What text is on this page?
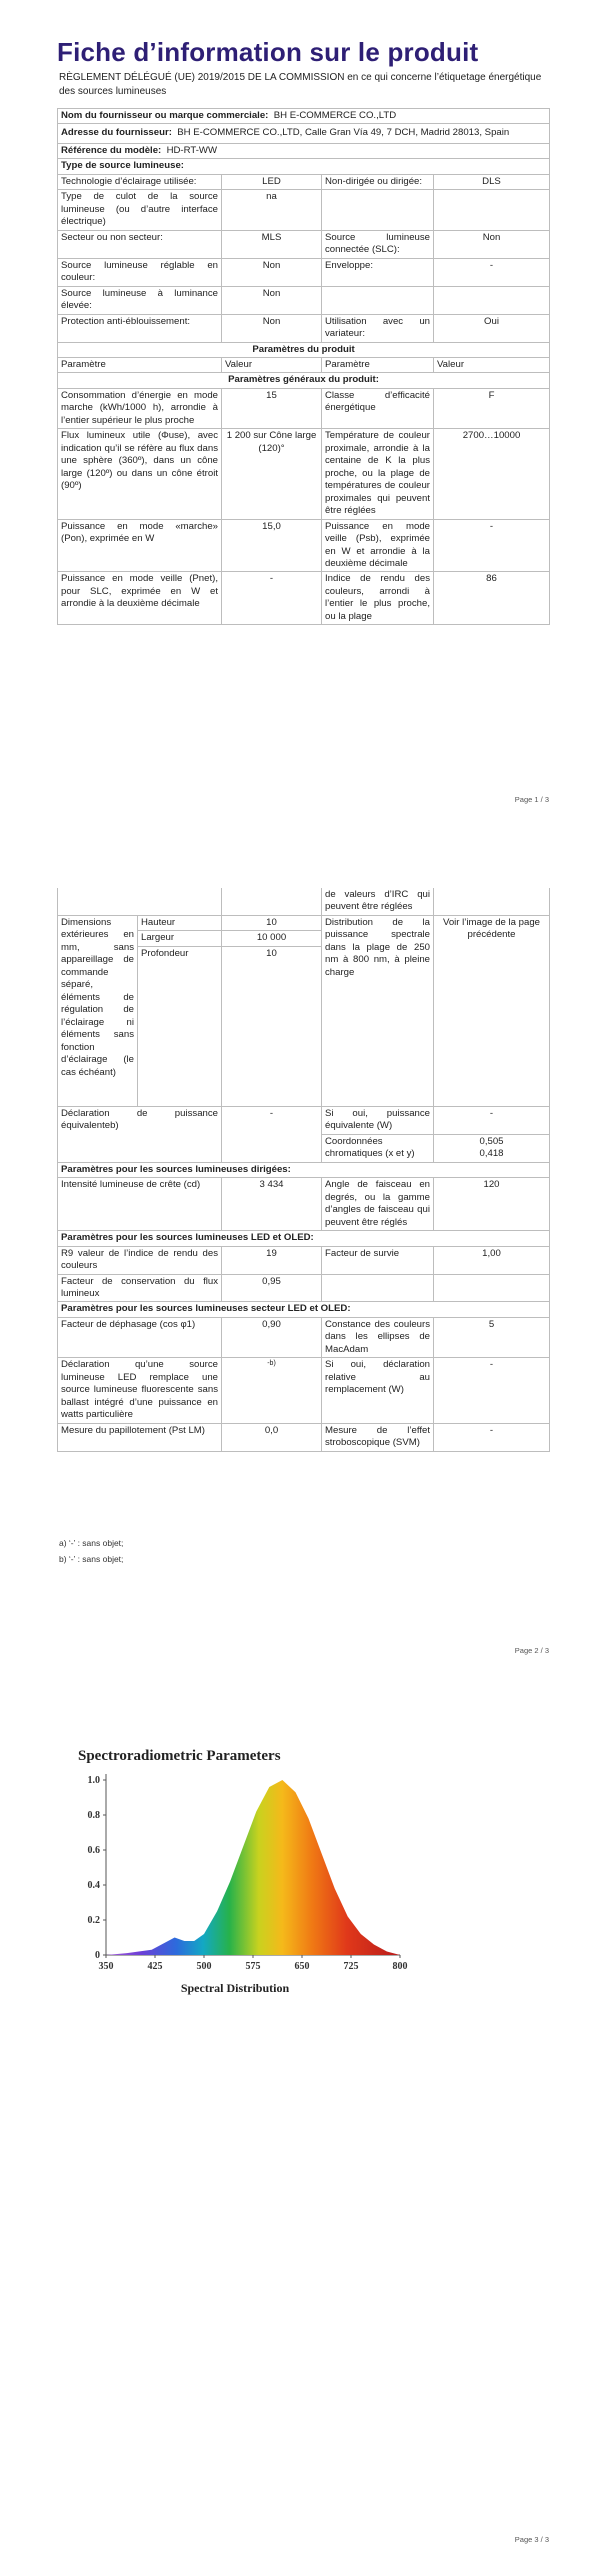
Fiche d’information sur le produit
RÈGLEMENT DÉLÉGUÉ (UE) 2019/2015 DE LA COMMISSION en ce qui concerne l’étiquetage énergétique des sources lumineuses
Nom du fournisseur ou marque commerciale: BH E-COMMERCE CO.,LTD			
Adresse du fournisseur: BH E-COMMERCE CO.,LTD, Calle Gran Vía 49, 7 DCH, Madrid 28013, Spain			
Référence du modèle: HD-RT-WW			
Type de source lumineuse:			
Technologie d’éclairage utilisée:	LED	Non-dirigée ou dirigée:	DLS
Type de culot de la source lumineuse (ou d’autre interface électrique)	na		
Secteur ou non secteur:	MLS	Source lumineuse connectée (SLC):	Non
Source lumineuse réglable en couleur:	Non	Enveloppe:	-
Source lumineuse à luminance élevée:	Non		
Protection anti-éblouissement:	Non	Utilisation avec un variateur:	Oui
Paramètres du produit			
Paramètre	Valeur	Paramètre	Valeur
Paramètres généraux du produit:			
Consommation d’énergie en mode marche (kWh/1000 h), arrondie à l’entier supérieur le plus proche	15	Classe d’efficacité énergétique	F
Flux lumineux utile (Φuse), avec indication qu’il se réfère au flux dans une sphère (360º), dans un cône large (120º) ou dans un cône étroit (90º)	1 200 sur Cône large (120)°	Température de couleur proximale, arrondie à la centaine de K la plus proche, ou la plage de températures de couleur proximales qui peuvent être réglées	2700…10000
Puissance en mode «marche» (Pon), exprimée en W	15,0	Puissance en mode veille (Psb), exprimée en W et arrondie à la deuxième décimale	-
Puissance en mode veille (Pnet), pour SLC, exprimée en W et arrondie à la deuxième décimale	-	Indice de rendu des couleurs, arrondi à l’entier le plus proche, ou la plage	86
Page 1 / 3
			de valeurs d’IRC qui peuvent être réglées	
Dimensions extérieures en mm, sans appareillage de commande séparé, éléments de régulation de l’éclairage ni éléments sans fonction d’éclairage (le cas échéant)	Hauteur	10	Distribution de la puissance spectrale dans la plage de 250 nm à 800 nm, à pleine charge	Voir l’image de la page précédente
	Largeur	10 000		
	Profondeur	10		
Déclaration de puissance équivalenteb)		-	Si oui, puissance équivalente (W)	-
			Coordonnées chromatiques (x et y)	0,505
0,418
Paramètres pour les sources lumineuses dirigées:				
Intensité lumineuse de crête (cd)		3 434	Angle de faisceau en degrés, ou la gamme d’angles de faisceau qui peuvent être réglés	120
Paramètres pour les sources lumineuses LED et OLED:				
R9 valeur de l’indice de rendu des couleurs		19	Facteur de survie	1,00
Facteur de conservation du flux lumineux		0,95		
Paramètres pour les sources lumineuses secteur LED et OLED:				
Facteur de déphasage (cos φ1)		0,90	Constance des couleurs dans les ellipses de MacAdam	5
Déclaration qu’une source lumineuse LED remplace une source lumineuse fluorescente sans ballast intégré d’une puissance en watts particulière		-b)	Si oui, déclaration relative au remplacement (W)	-
Mesure du papillotement (Pst LM)		0,0	Mesure de l’effet stroboscopique (SVM)	-
a) ‘-’ : sans objet;
b) ‘-’ : sans objet;
Page 2 / 3
Spectroradiometric Parameters
0
0.2
0.4
0.6
0.8
1.0
350	425	500	575	650	725	800
Spectral Distribution
Page 3 / 3
